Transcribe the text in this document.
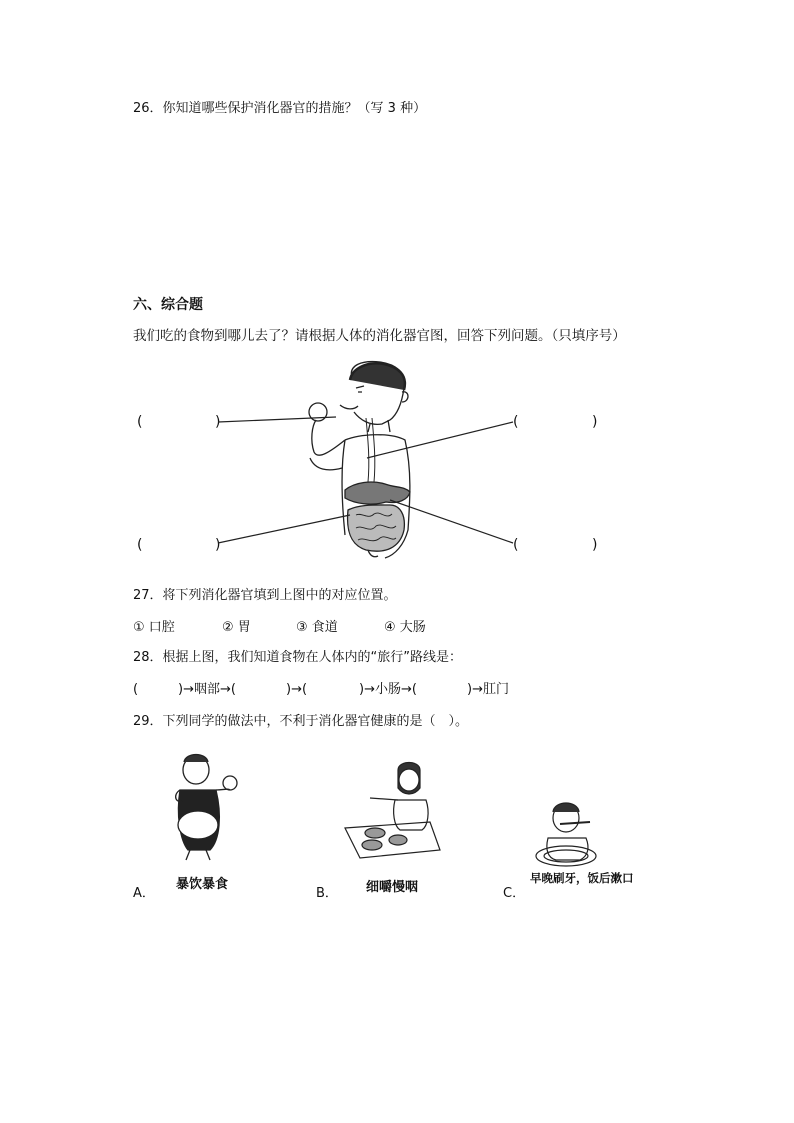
26．你知道哪些保护消化器官的措施？（写 3 种）
六、综合题
我们吃的食物到哪儿去了？请根据人体的消化器官图，回答下列问题。（只填序号）
(	)	(	)
(	)	(	)
27．将下列消化器官填到上图中的对应位置。
① 口腔	② 胃	③ 食道	④ 大肠
28．根据上图，我们知道食物在人体内的“旅行”路线是：
(	)→咽部→(	)→(	)→小肠→(	)→肛门
29．下列同学的做法中，不利于消化器官健康的是（　）。
A．
暴饮暴食
B． 细嚼慢咽	C．
早晚刷牙，饭后漱口
